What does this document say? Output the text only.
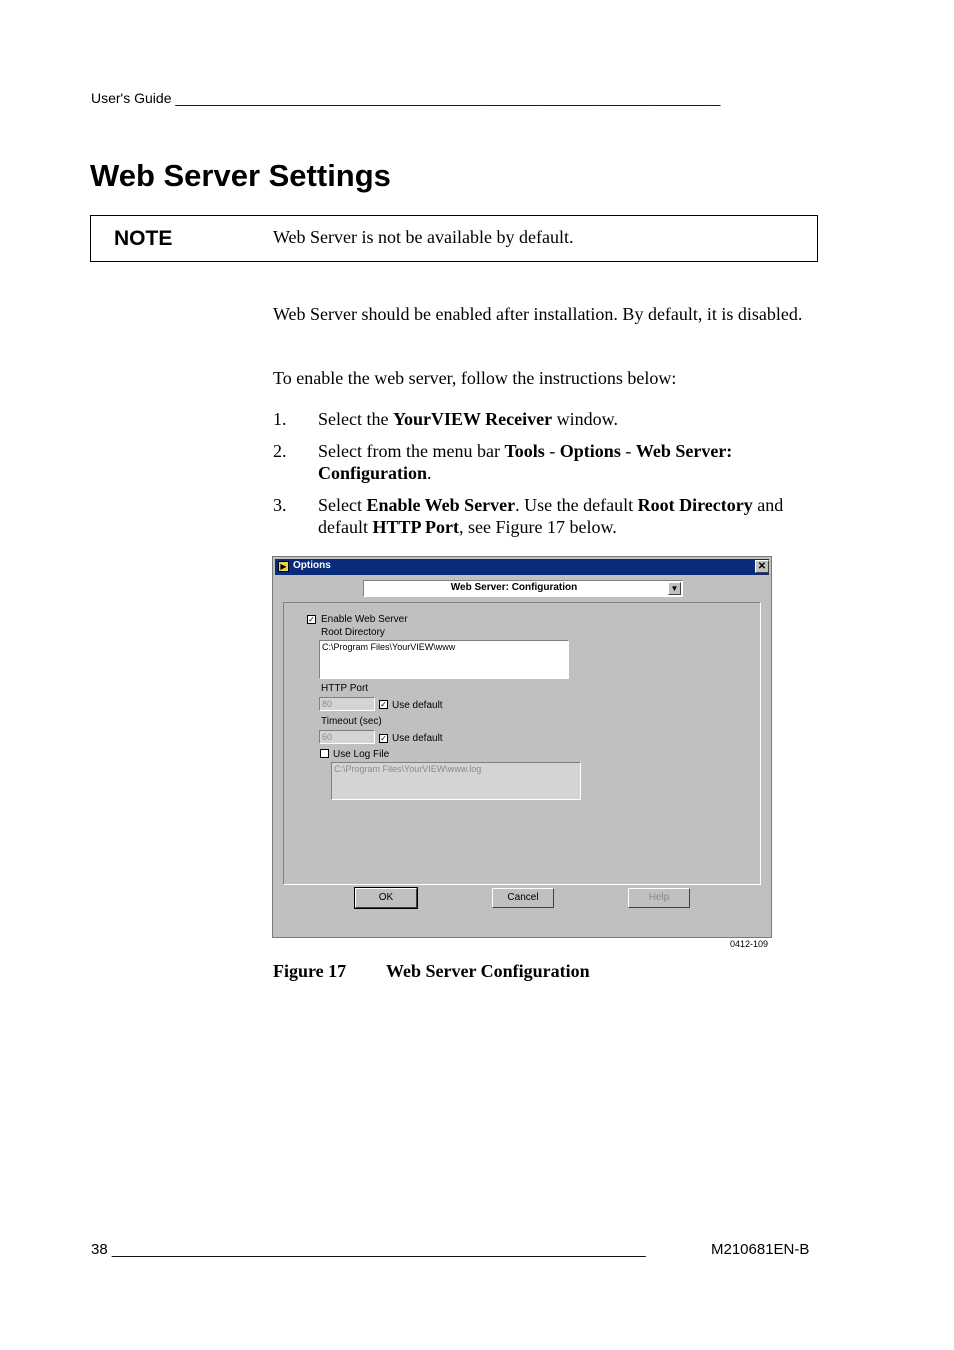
User's Guide ______________________________________________________________________
Web Server Settings
NOTE	Web Server is not be available by default.
Web Server should be enabled after installation. By default, it is disabled.
To enable the web server, follow the instructions below:
1. Select the YourVIEW Receiver window.
2. Select from the menu bar Tools - Options - Web Server: Configuration.
3. Select Enable Web Server. Use the default Root Directory and default HTTP Port, see Figure 17 below.
▶ Options	✕
Web Server: Configuration	▼
✓ Enable Web Server
Root Directory
C:\Program Files\YourVIEW\www
HTTP Port
80	✓ Use default
Timeout (sec)
60	✓ Use default
Use Log File
C:\Program Files\YourVIEW\www.log
OK	Cancel	Help
0412-109
Figure 17 Web Server Configuration
38 ________________________________________________________________	M210681EN-B
